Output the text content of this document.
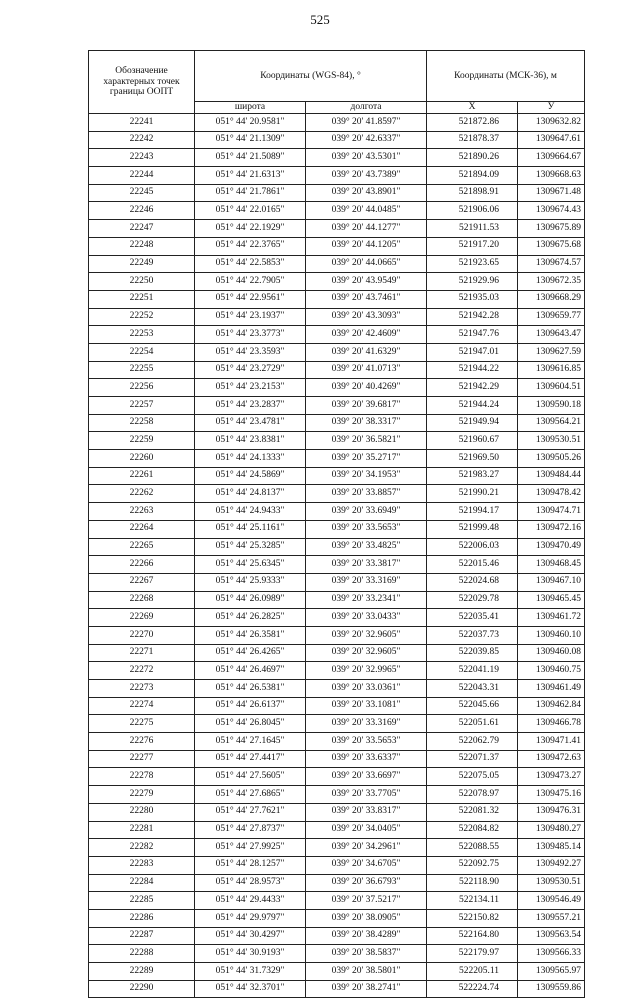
525
Обозначение характерных точек границы ООПТ	Координаты (WGS-84), °		Координаты (МСК-36), м	
	широта	долгота	X	У
22241	051° 44' 20.9581"	039° 20' 41.8597"	521872.86	1309632.82
22242	051° 44' 21.1309"	039° 20' 42.6337"	521878.37	1309647.61
22243	051° 44' 21.5089"	039° 20' 43.5301"	521890.26	1309664.67
22244	051° 44' 21.6313"	039° 20' 43.7389"	521894.09	1309668.63
22245	051° 44' 21.7861"	039° 20' 43.8901"	521898.91	1309671.48
22246	051° 44' 22.0165"	039° 20' 44.0485"	521906.06	1309674.43
22247	051° 44' 22.1929"	039° 20' 44.1277"	521911.53	1309675.89
22248	051° 44' 22.3765"	039° 20' 44.1205"	521917.20	1309675.68
22249	051° 44' 22.5853"	039° 20' 44.0665"	521923.65	1309674.57
22250	051° 44' 22.7905"	039° 20' 43.9549"	521929.96	1309672.35
22251	051° 44' 22.9561"	039° 20' 43.7461"	521935.03	1309668.29
22252	051° 44' 23.1937"	039° 20' 43.3093"	521942.28	1309659.77
22253	051° 44' 23.3773"	039° 20' 42.4609"	521947.76	1309643.47
22254	051° 44' 23.3593"	039° 20' 41.6329"	521947.01	1309627.59
22255	051° 44' 23.2729"	039° 20' 41.0713"	521944.22	1309616.85
22256	051° 44' 23.2153"	039° 20' 40.4269"	521942.29	1309604.51
22257	051° 44' 23.2837"	039° 20' 39.6817"	521944.24	1309590.18
22258	051° 44' 23.4781"	039° 20' 38.3317"	521949.94	1309564.21
22259	051° 44' 23.8381"	039° 20' 36.5821"	521960.67	1309530.51
22260	051° 44' 24.1333"	039° 20' 35.2717"	521969.50	1309505.26
22261	051° 44' 24.5869"	039° 20' 34.1953"	521983.27	1309484.44
22262	051° 44' 24.8137"	039° 20' 33.8857"	521990.21	1309478.42
22263	051° 44' 24.9433"	039° 20' 33.6949"	521994.17	1309474.71
22264	051° 44' 25.1161"	039° 20' 33.5653"	521999.48	1309472.16
22265	051° 44' 25.3285"	039° 20' 33.4825"	522006.03	1309470.49
22266	051° 44' 25.6345"	039° 20' 33.3817"	522015.46	1309468.45
22267	051° 44' 25.9333"	039° 20' 33.3169"	522024.68	1309467.10
22268	051° 44' 26.0989"	039° 20' 33.2341"	522029.78	1309465.45
22269	051° 44' 26.2825"	039° 20' 33.0433"	522035.41	1309461.72
22270	051° 44' 26.3581"	039° 20' 32.9605"	522037.73	1309460.10
22271	051° 44' 26.4265"	039° 20' 32.9605"	522039.85	1309460.08
22272	051° 44' 26.4697"	039° 20' 32.9965"	522041.19	1309460.75
22273	051° 44' 26.5381"	039° 20' 33.0361"	522043.31	1309461.49
22274	051° 44' 26.6137"	039° 20' 33.1081"	522045.66	1309462.84
22275	051° 44' 26.8045"	039° 20' 33.3169"	522051.61	1309466.78
22276	051° 44' 27.1645"	039° 20' 33.5653"	522062.79	1309471.41
22277	051° 44' 27.4417"	039° 20' 33.6337"	522071.37	1309472.63
22278	051° 44' 27.5605"	039° 20' 33.6697"	522075.05	1309473.27
22279	051° 44' 27.6865"	039° 20' 33.7705"	522078.97	1309475.16
22280	051° 44' 27.7621"	039° 20' 33.8317"	522081.32	1309476.31
22281	051° 44' 27.8737"	039° 20' 34.0405"	522084.82	1309480.27
22282	051° 44' 27.9925"	039° 20' 34.2961"	522088.55	1309485.14
22283	051° 44' 28.1257"	039° 20' 34.6705"	522092.75	1309492.27
22284	051° 44' 28.9573"	039° 20' 36.6793"	522118.90	1309530.51
22285	051° 44' 29.4433"	039° 20' 37.5217"	522134.11	1309546.49
22286	051° 44' 29.9797"	039° 20' 38.0905"	522150.82	1309557.21
22287	051° 44' 30.4297"	039° 20' 38.4289"	522164.80	1309563.54
22288	051° 44' 30.9193"	039° 20' 38.5837"	522179.97	1309566.33
22289	051° 44' 31.7329"	039° 20' 38.5801"	522205.11	1309565.97
22290	051° 44' 32.3701"	039° 20' 38.2741"	522224.74	1309559.86
